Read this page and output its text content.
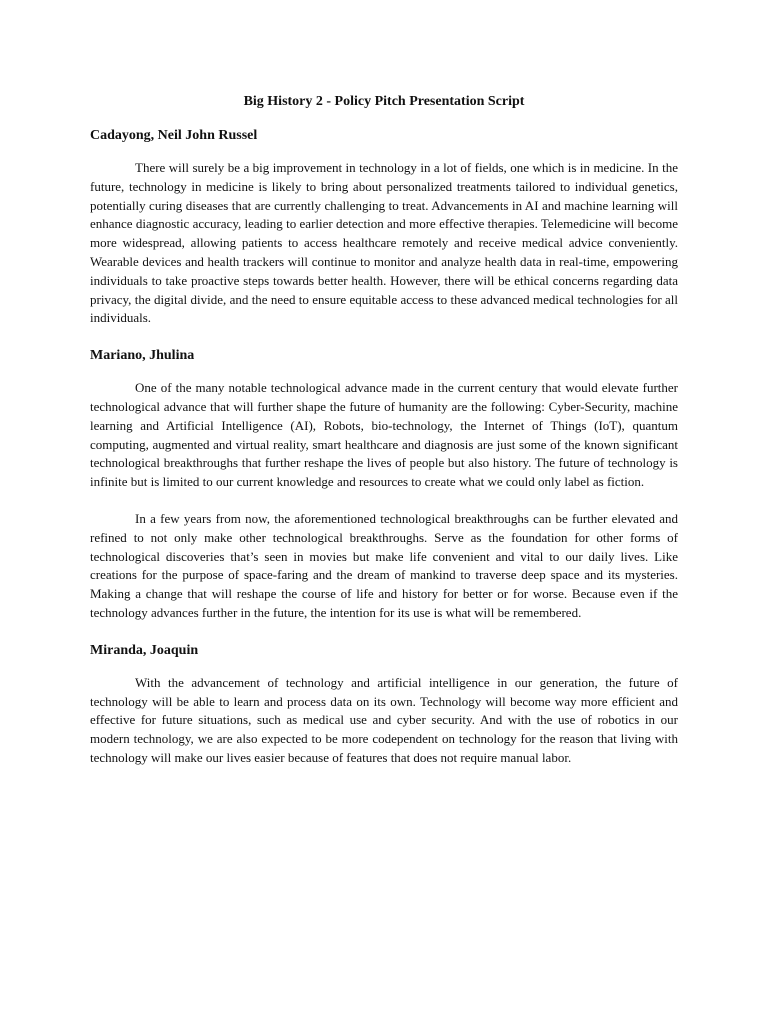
Big History 2 - Policy Pitch Presentation Script
Cadayong, Neil John Russel

There will surely be a big improvement in technology in a lot of fields, one which is in medicine. In the future, technology in medicine is likely to bring about personalized treatments tailored to individual genetics, potentially curing diseases that are currently challenging to treat. Advancements in AI and machine learning will enhance diagnostic accuracy, leading to earlier detection and more effective therapies. Telemedicine will become more widespread, allowing patients to access healthcare remotely and receive medical advice conveniently. Wearable devices and health trackers will continue to monitor and analyze health data in real-time, empowering individuals to take proactive steps towards better health. However, there will be ethical concerns regarding data privacy, the digital divide, and the need to ensure equitable access to these advanced medical technologies for all individuals.

Mariano, Jhulina

One of the many notable technological advance made in the current century that would elevate further technological advance that will further shape the future of humanity are the following: Cyber-Security, machine learning and Artificial Intelligence (AI), Robots, bio-technology, the Internet of Things (IoT), quantum computing, augmented and virtual reality, smart healthcare and diagnosis are just some of the known significant technological breakthroughs that further reshape the lives of people but also history. The future of technology is infinite but is limited to our current knowledge and resources to create what we could only label as fiction.

In a few years from now, the aforementioned technological breakthroughs can be further elevated and refined to not only make other technological breakthroughs. Serve as the foundation for other forms of technological discoveries that’s seen in movies but make life convenient and vital to our daily lives. Like creations for the purpose of space-faring and the dream of mankind to traverse deep space and its mysteries. Making a change that will reshape the course of life and history for better or for worse. Because even if the technology advances further in the future, the intention for its use is what will be remembered.

Miranda, Joaquin

With the advancement of technology and artificial intelligence in our generation, the future of technology will be able to learn and process data on its own. Technology will become way more efficient and effective for future situations, such as medical use and cyber security. And with the use of robotics in our modern technology, we are also expected to be more codependent on technology for the reason that living with technology will make our lives easier because of features that does not require manual labor.
